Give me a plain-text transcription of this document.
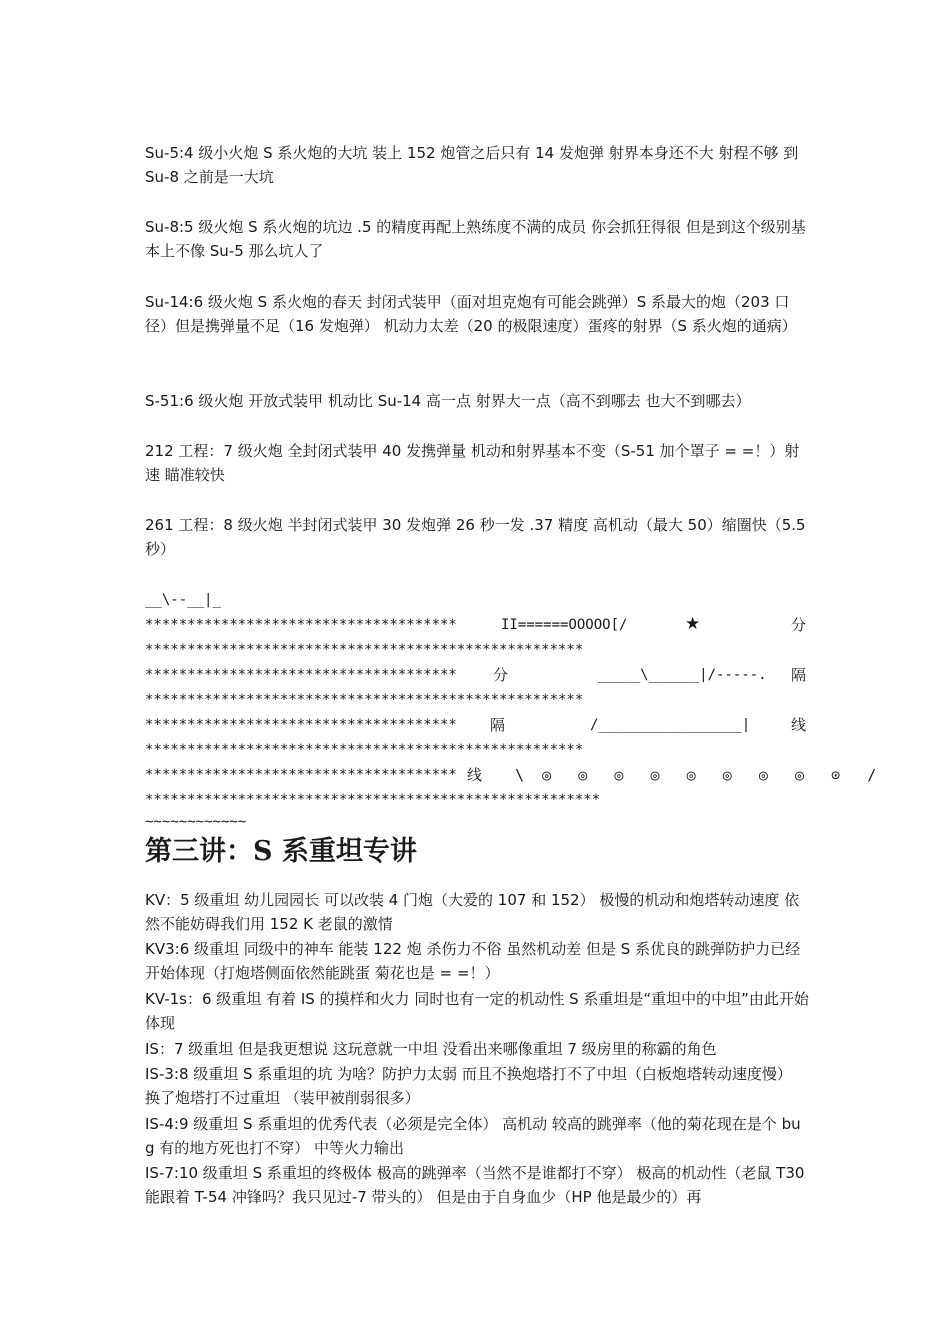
Su-5:4 级小火炮 S 系火炮的大坑 装上 152 炮管之后只有 14 发炮弹 射界本身还不大 射程不够 到 Su-8 之前是一大坑

Su-8:5 级火炮 S 系火炮的坑边 .5 的精度再配上熟练度不满的成员 你会抓狂得很 但是到这个级别基本上不像 Su-5 那么坑人了

Su-14:6 级火炮 S 系火炮的春天 封闭式装甲（面对坦克炮有可能会跳弹）S 系最大的炮（203 口径）但是携弹量不足（16 发炮弹） 机动力太差（20 的极限速度）蛋疼的射界（S 系火炮的通病）

S-51:6 级火炮 开放式装甲 机动比 Su-14 高一点 射界大一点（高不到哪去 也大不到哪去）

212 工程：7 级火炮 全封闭式装甲 40 发携弹量 机动和射界基本不变（S-51 加个罩子 = =！）射速 瞄准较快

261 工程：8 级火炮 半封闭式装甲 30 发炮弹 26 秒一发 .37 精度 高机动（最大 50）缩圈快（5.5 秒）

__\--__|_
*************************************	II======OOOOO[/	★	分
****************************************************
************************************* 分	_____\______|/-----. 隔
****************************************************
************************************* 隔	/_________________|	线
****************************************************
************************************* 线 \  ◎   ◎   ◎   ◎   ◎   ◎   ◎   ◎   ⊙   /
******************************************************
~~~~~~~~~~~~
第三讲：S 系重坦专讲

KV：5 级重坦 幼儿园园长 可以改装 4 门炮（大爱的 107 和 152） 极慢的机动和炮塔转动速度 依然不能妨碍我们用 152 K 老鼠的激情

KV3:6 级重坦 同级中的神车 能装 122 炮 杀伤力不俗 虽然机动差 但是 S 系优良的跳弹防护力已经开始体现（打炮塔侧面依然能跳蛋 菊花也是 = =！）

KV-1s：6 级重坦 有着 IS 的摸样和火力 同时也有一定的机动性 S 系重坦是“重坦中的中坦”由此开始体现

IS：7 级重坦 但是我更想说 这玩意就一中坦 没看出来哪像重坦 7 级房里的称霸的角色

IS-3:8 级重坦 S 系重坦的坑 为啥？防护力太弱 而且不换炮塔打不了中坦（白板炮塔转动速度慢） 换了炮塔打不过重坦 （装甲被削弱很多）

IS-4:9 级重坦 S 系重坦的优秀代表（必须是完全体） 高机动 较高的跳弹率（他的菊花现在是个 bug 有的地方死也打不穿） 中等火力输出

IS-7:10 级重坦 S 系重坦的终极体 极高的跳弹率（当然不是谁都打不穿） 极高的机动性（老鼠 T30 能跟着 T-54 冲锋吗？我只见过-7 带头的） 但是由于自身血少（HP 他是最少的）再
